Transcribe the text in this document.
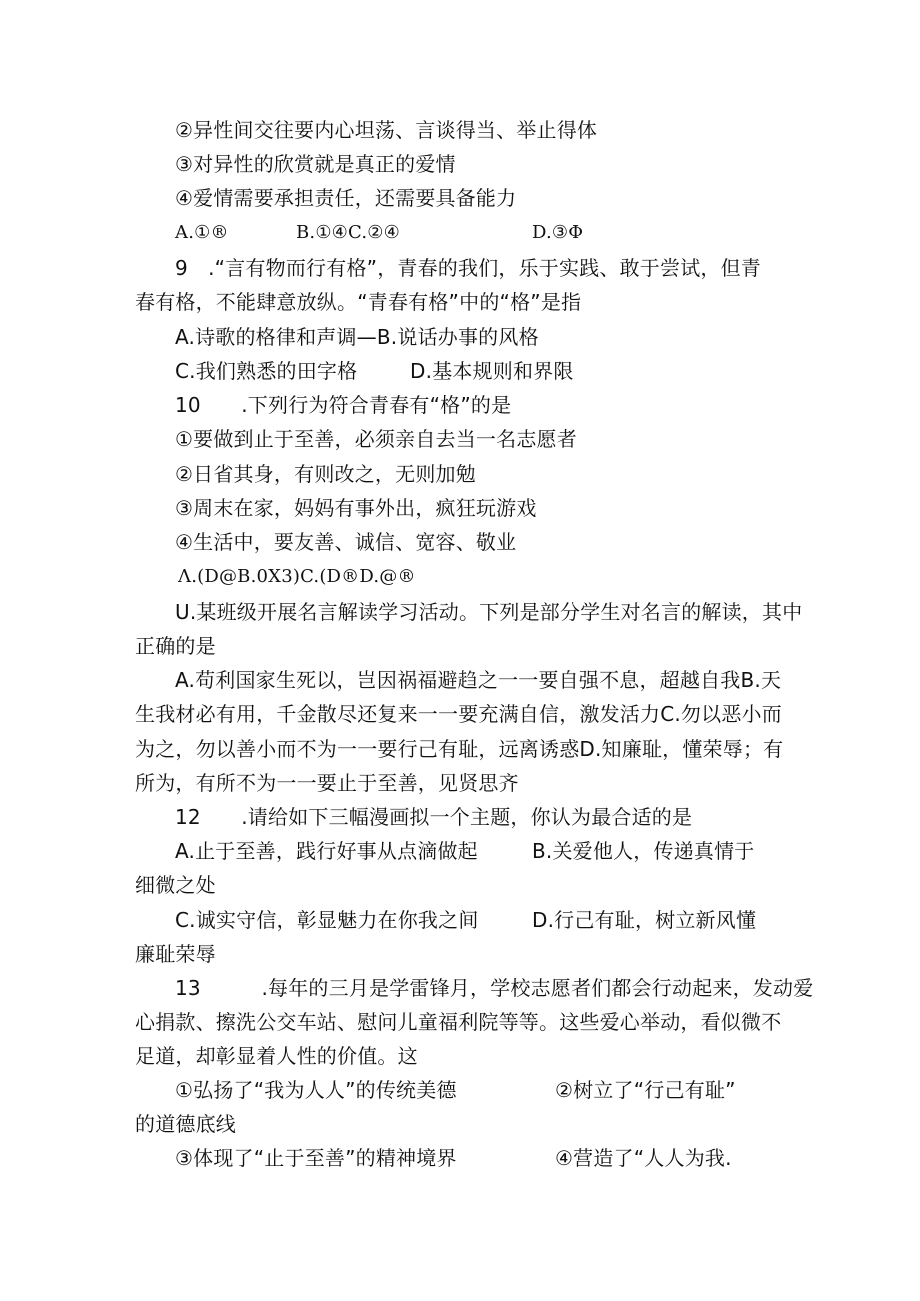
②异性间交往要内心坦荡、言谈得当、举止得体
③对异性的欣赏就是真正的爱情
④爱情需要承担责任，还需要具备能力
A.①®	B.①④C.②④	D.③Φ
9　.“言有物而行有格”，青春的我们，乐于实践、敢于尝试，但青
春有格，不能肆意放纵。“青春有格”中的“格”是指
A.诗歌的格律和声调—B.说话办事的风格
C.我们熟悉的田字格	D.基本规则和界限
10　　.下列行为符合青春有“格”的是
①要做到止于至善，必须亲自去当一名志愿者
②日省其身，有则改之，无则加勉
③周末在家，妈妈有事外出，疯狂玩游戏
④生活中，要友善、诚信、宽容、敬业
Λ.(D@B.0X3)C.(D®D.@®
U.某班级开展名言解读学习活动。下列是部分学生对名言的解读，其中
正确的是
A.苟利国家生死以，岂因祸福避趋之一一要自强不息，超越自我B.天
生我材必有用，千金散尽还复来一一要充满自信，激发活力C.勿以恶小而
为之，勿以善小而不为一一要行己有耻，远离诱惑D.知廉耻，懂荣辱；有
所为，有所不为一一要止于至善，见贤思齐
12　　.请给如下三幅漫画拟一个主题，你认为最合适的是
A.止于至善，践行好事从点滴做起	B.关爱他人，传递真情于
细微之处
C.诚实守信，彰显魅力在你我之间	D.行己有耻，树立新风懂
廉耻荣辱
13　　　.每年的三月是学雷锋月，学校志愿者们都会行动起来，发动爱
心捐款、擦洗公交车站、慰问儿童福利院等等。这些爱心举动，看似微不
足道，却彰显着人性的价值。这
①弘扬了“我为人人”的传统美德	②树立了“行己有耻”
的道德底线
③体现了“止于至善”的精神境界	④营造了“人人为我.
